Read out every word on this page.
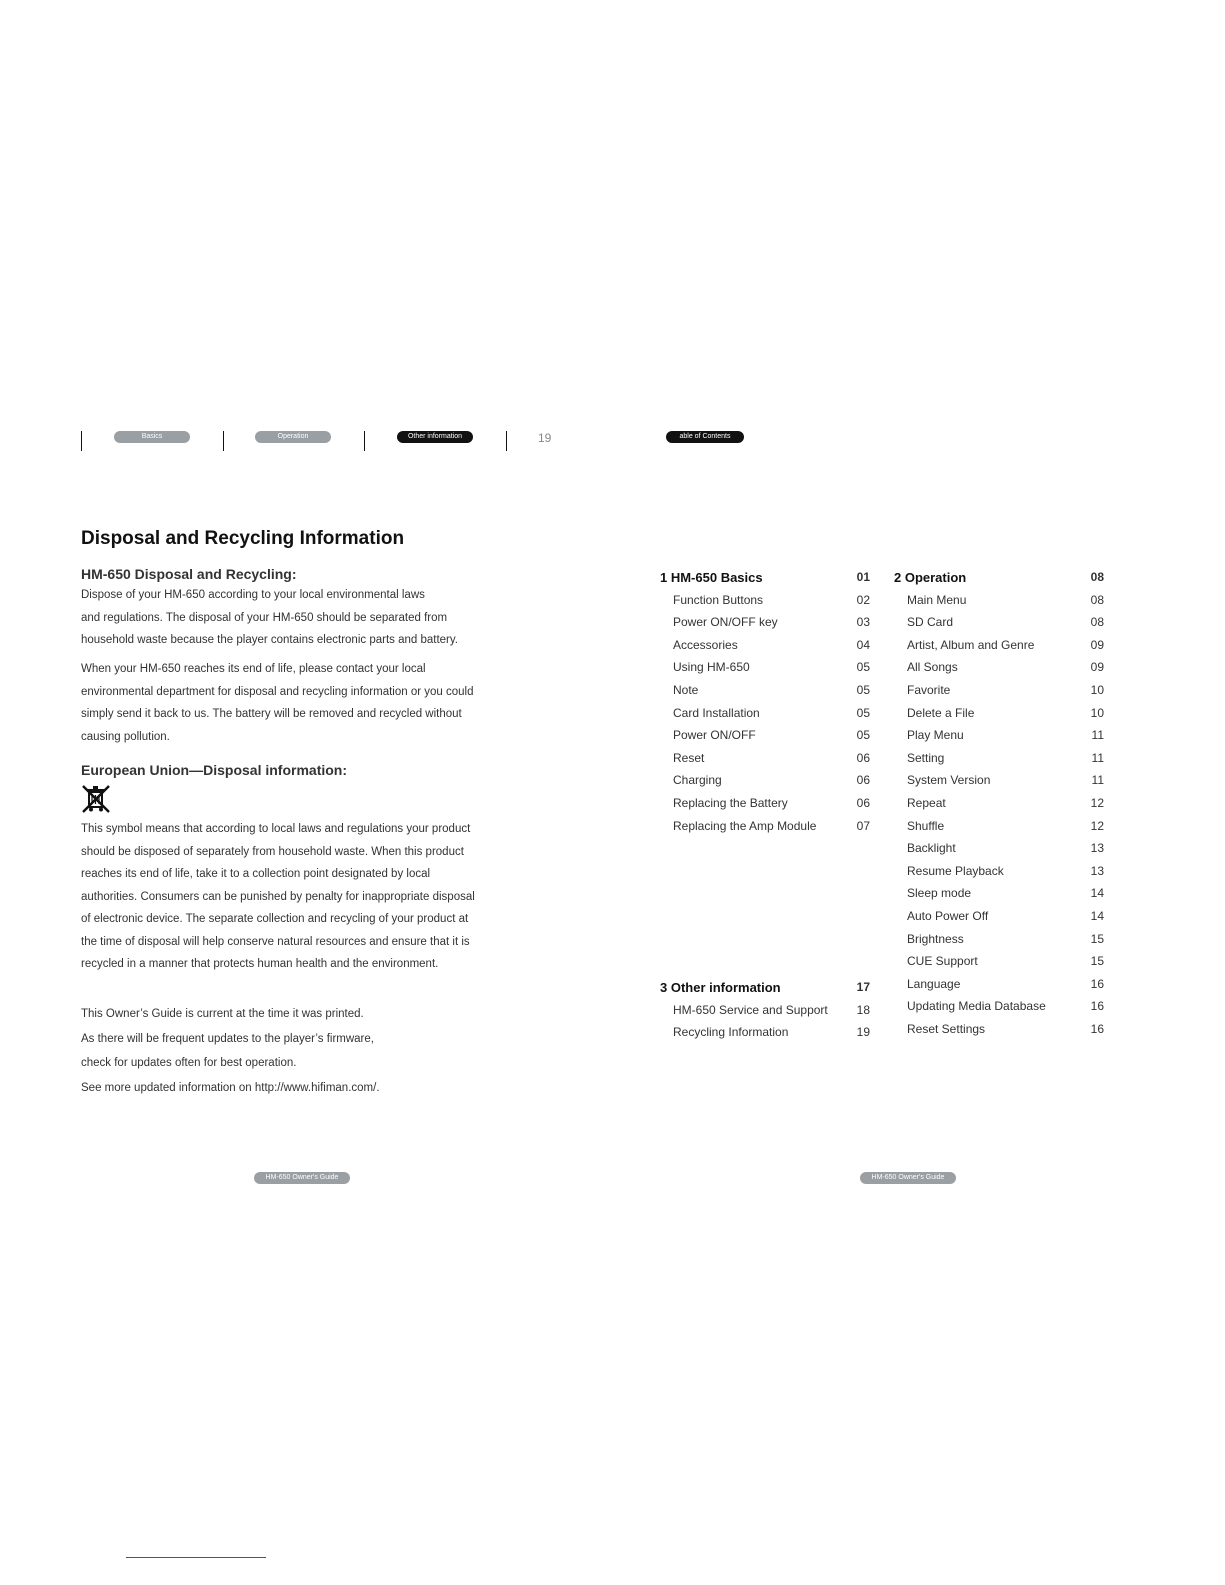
Basics	Operation	Other information	19	able of Contents
Disposal and Recycling Information
HM-650 Disposal and Recycling:
Dispose of your HM-650 according to your local environmental laws
and regulations. The disposal of your HM-650 should be separated from
household waste because the player contains electronic parts and battery.
When your HM-650 reaches its end of life, please contact your local
environmental department for disposal and recycling information or you could
simply send it back to us. The battery will be removed and recycled without
causing pollution.
European Union—Disposal information:
This symbol means that according to local laws and regulations your product
should be disposed of separately from household waste. When this product
reaches its end of life, take it to a collection point designated by local
authorities. Consumers can be punished by penalty for inappropriate disposal
of electronic device. The separate collection and recycling of your product at
the time of disposal will help conserve natural resources and ensure that it is
recycled in a manner that protects human health and the environment.
This Owner’s Guide is current at the time it was printed.
As there will be frequent updates to the player’s firmware,
check for updates often for best operation.
See more updated information on http://www.hifiman.com/.
HM-650 Owner's Guide
1 HM-650 Basics	01
Function Buttons	02
Power ON/OFF key	03
Accessories	04
Using HM-650	05
Note	05
Card Installation	05
Power ON/OFF	05
Reset	06
Charging	06
Replacing the Battery	06
Replacing the Amp Module	07
3 Other information	17
HM-650 Service and Support	18
Recycling Information	19
2 Operation	08
Main Menu	08
SD Card	08
Artist, Album and Genre	09
All Songs	09
Favorite	10
Delete a File	10
Play Menu	11
Setting	11
System Version	11
Repeat	12
Shuffle	12
Backlight	13
Resume Playback	13
Sleep mode	14
Auto Power Off	14
Brightness	15
CUE Support	15
Language	16
Updating Media Database	16
Reset Settings	16
HM-650 Owner's Guide
